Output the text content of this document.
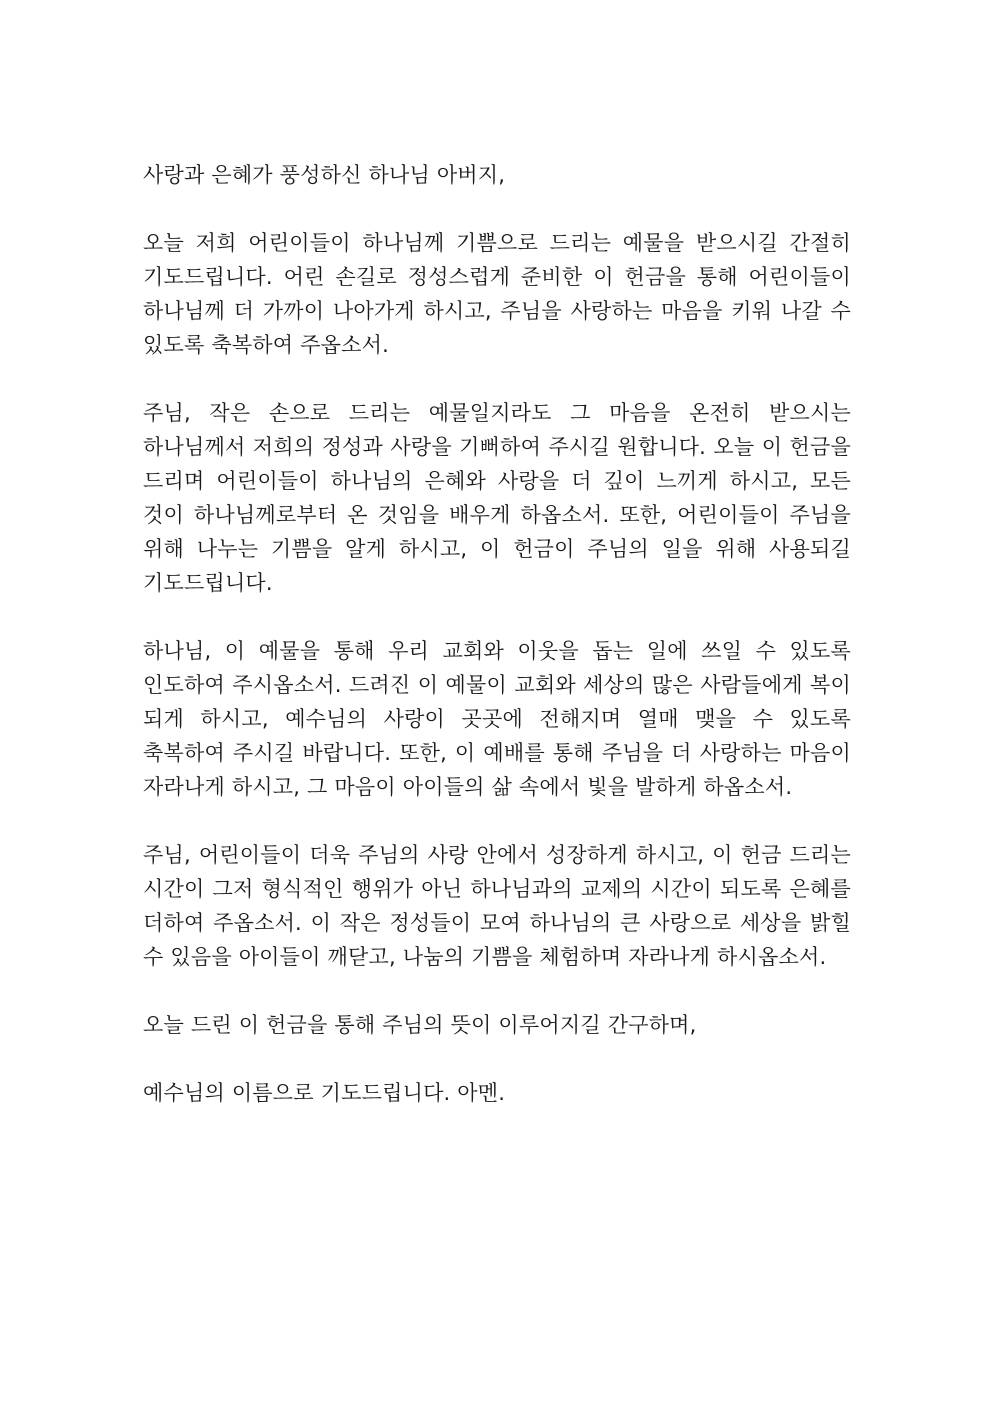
사랑과 은혜가 풍성하신 하나님 아버지,

오늘 저희 어린이들이 하나님께 기쁨으로 드리는 예물을 받으시길 간절히 기도드립니다. 어린 손길로 정성스럽게 준비한 이 헌금을 통해 어린이들이 하나님께 더 가까이 나아가게 하시고, 주님을 사랑하는 마음을 키워 나갈 수 있도록 축복하여 주옵소서.

주님, 작은 손으로 드리는 예물일지라도 그 마음을 온전히 받으시는 하나님께서 저희의 정성과 사랑을 기뻐하여 주시길 원합니다. 오늘 이 헌금을 드리며 어린이들이 하나님의 은혜와 사랑을 더 깊이 느끼게 하시고, 모든 것이 하나님께로부터 온 것임을 배우게 하옵소서. 또한, 어린이들이 주님을 위해 나누는 기쁨을 알게 하시고, 이 헌금이 주님의 일을 위해 사용되길 기도드립니다.

하나님, 이 예물을 통해 우리 교회와 이웃을 돕는 일에 쓰일 수 있도록 인도하여 주시옵소서. 드려진 이 예물이 교회와 세상의 많은 사람들에게 복이 되게 하시고, 예수님의 사랑이 곳곳에 전해지며 열매 맺을 수 있도록 축복하여 주시길 바랍니다. 또한, 이 예배를 통해 주님을 더 사랑하는 마음이 자라나게 하시고, 그 마음이 아이들의 삶 속에서 빛을 발하게 하옵소서.

주님, 어린이들이 더욱 주님의 사랑 안에서 성장하게 하시고, 이 헌금 드리는 시간이 그저 형식적인 행위가 아닌 하나님과의 교제의 시간이 되도록 은혜를 더하여 주옵소서. 이 작은 정성들이 모여 하나님의 큰 사랑으로 세상을 밝힐 수 있음을 아이들이 깨닫고, 나눔의 기쁨을 체험하며 자라나게 하시옵소서.

오늘 드린 이 헌금을 통해 주님의 뜻이 이루어지길 간구하며,

예수님의 이름으로 기도드립니다. 아멘.
